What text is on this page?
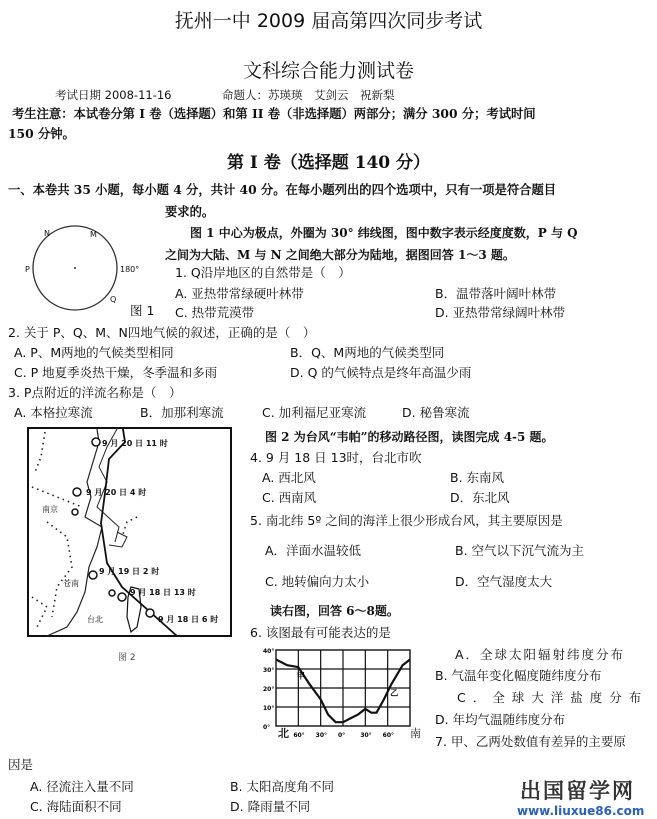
抚州一中 2009 届高第四次同步考试
文科综合能力测试卷
考试日期 2008-11-16	命题人：苏瑛瑛　艾剑云　祝新梨
考生注意：本试卷分第 I 卷（选择题）和第 II 卷（非选择题）两部分；满分 300 分；考试时间
150 分钟。
第 I 卷（选择题 140 分）
一、本卷共 35 小题，每小题 4 分，共计 40 分。在每小题列出的四个选项中，只有一项是符合题目
要求的。
N	M
P	180°
Q
图 1
图 1 中心为极点，外圈为 30° 纬线图，图中数字表示经度度数，P 与 Q
之间为大陆、M 与 N 之间绝大部分为陆地，据图回答 1～3 题。
1. Q沿岸地区的自然带是（　）
A. 亚热带常绿硬叶林带	B．温带落叶阔叶林带
C. 热带荒漠带	D. 亚热带常绿阔叶林带
2. 关于 P、Q、M、N四地气候的叙述，正确的是（　）
A. P、M两地的气候类型相同	B．Q、M两地的气候类型同
C. P 地夏季炎热干燥，冬季温和多雨	D. Q 的气候特点是终年高温少雨
3. P点附近的洋流名称是（　）
A. 本格拉寒流	B．加那利寒流	C. 加利福尼亚寒流	D. 秘鲁寒流
9 月 20 日 11 时
9 月 20 日 4 时
9 月 19 日 2 时
9 月 18 日 13 时
9 月 18 日 6 时
南京
苍南
台北
图 2
图 2 为台风“韦帕”的移动路径图，读图完成 4-5 题。
4. 9 月 18 日 13时，台北市吹
A. 西北风	B. 东南风
C. 西南风	D．东北风
5. 南北纬 5º 之间的海洋上很少形成台风，其主要原因是
A．洋面水温较低	B. 空气以下沉气流为主
C. 地转偏向力太小	D．空气湿度太大
读右图，回答 6～8题。
6. 该图最有可能表达的是
0°
10°
20°
30°
40°
60° 30° 0°	30° 60°
甲
乙
北	南
A．全球太阳辐射纬度分布
B. 气温年变化幅度随纬度分布
C．全球大洋盐度分布
D. 年均气温随纬度分布
7. 甲、乙两处数值有差异的主要原
因是
A. 径流注入量不同	B. 太阳高度角不同
C. 海陆面积不同	D. 降雨量不同
出国留学网
www.liuxue86.com
